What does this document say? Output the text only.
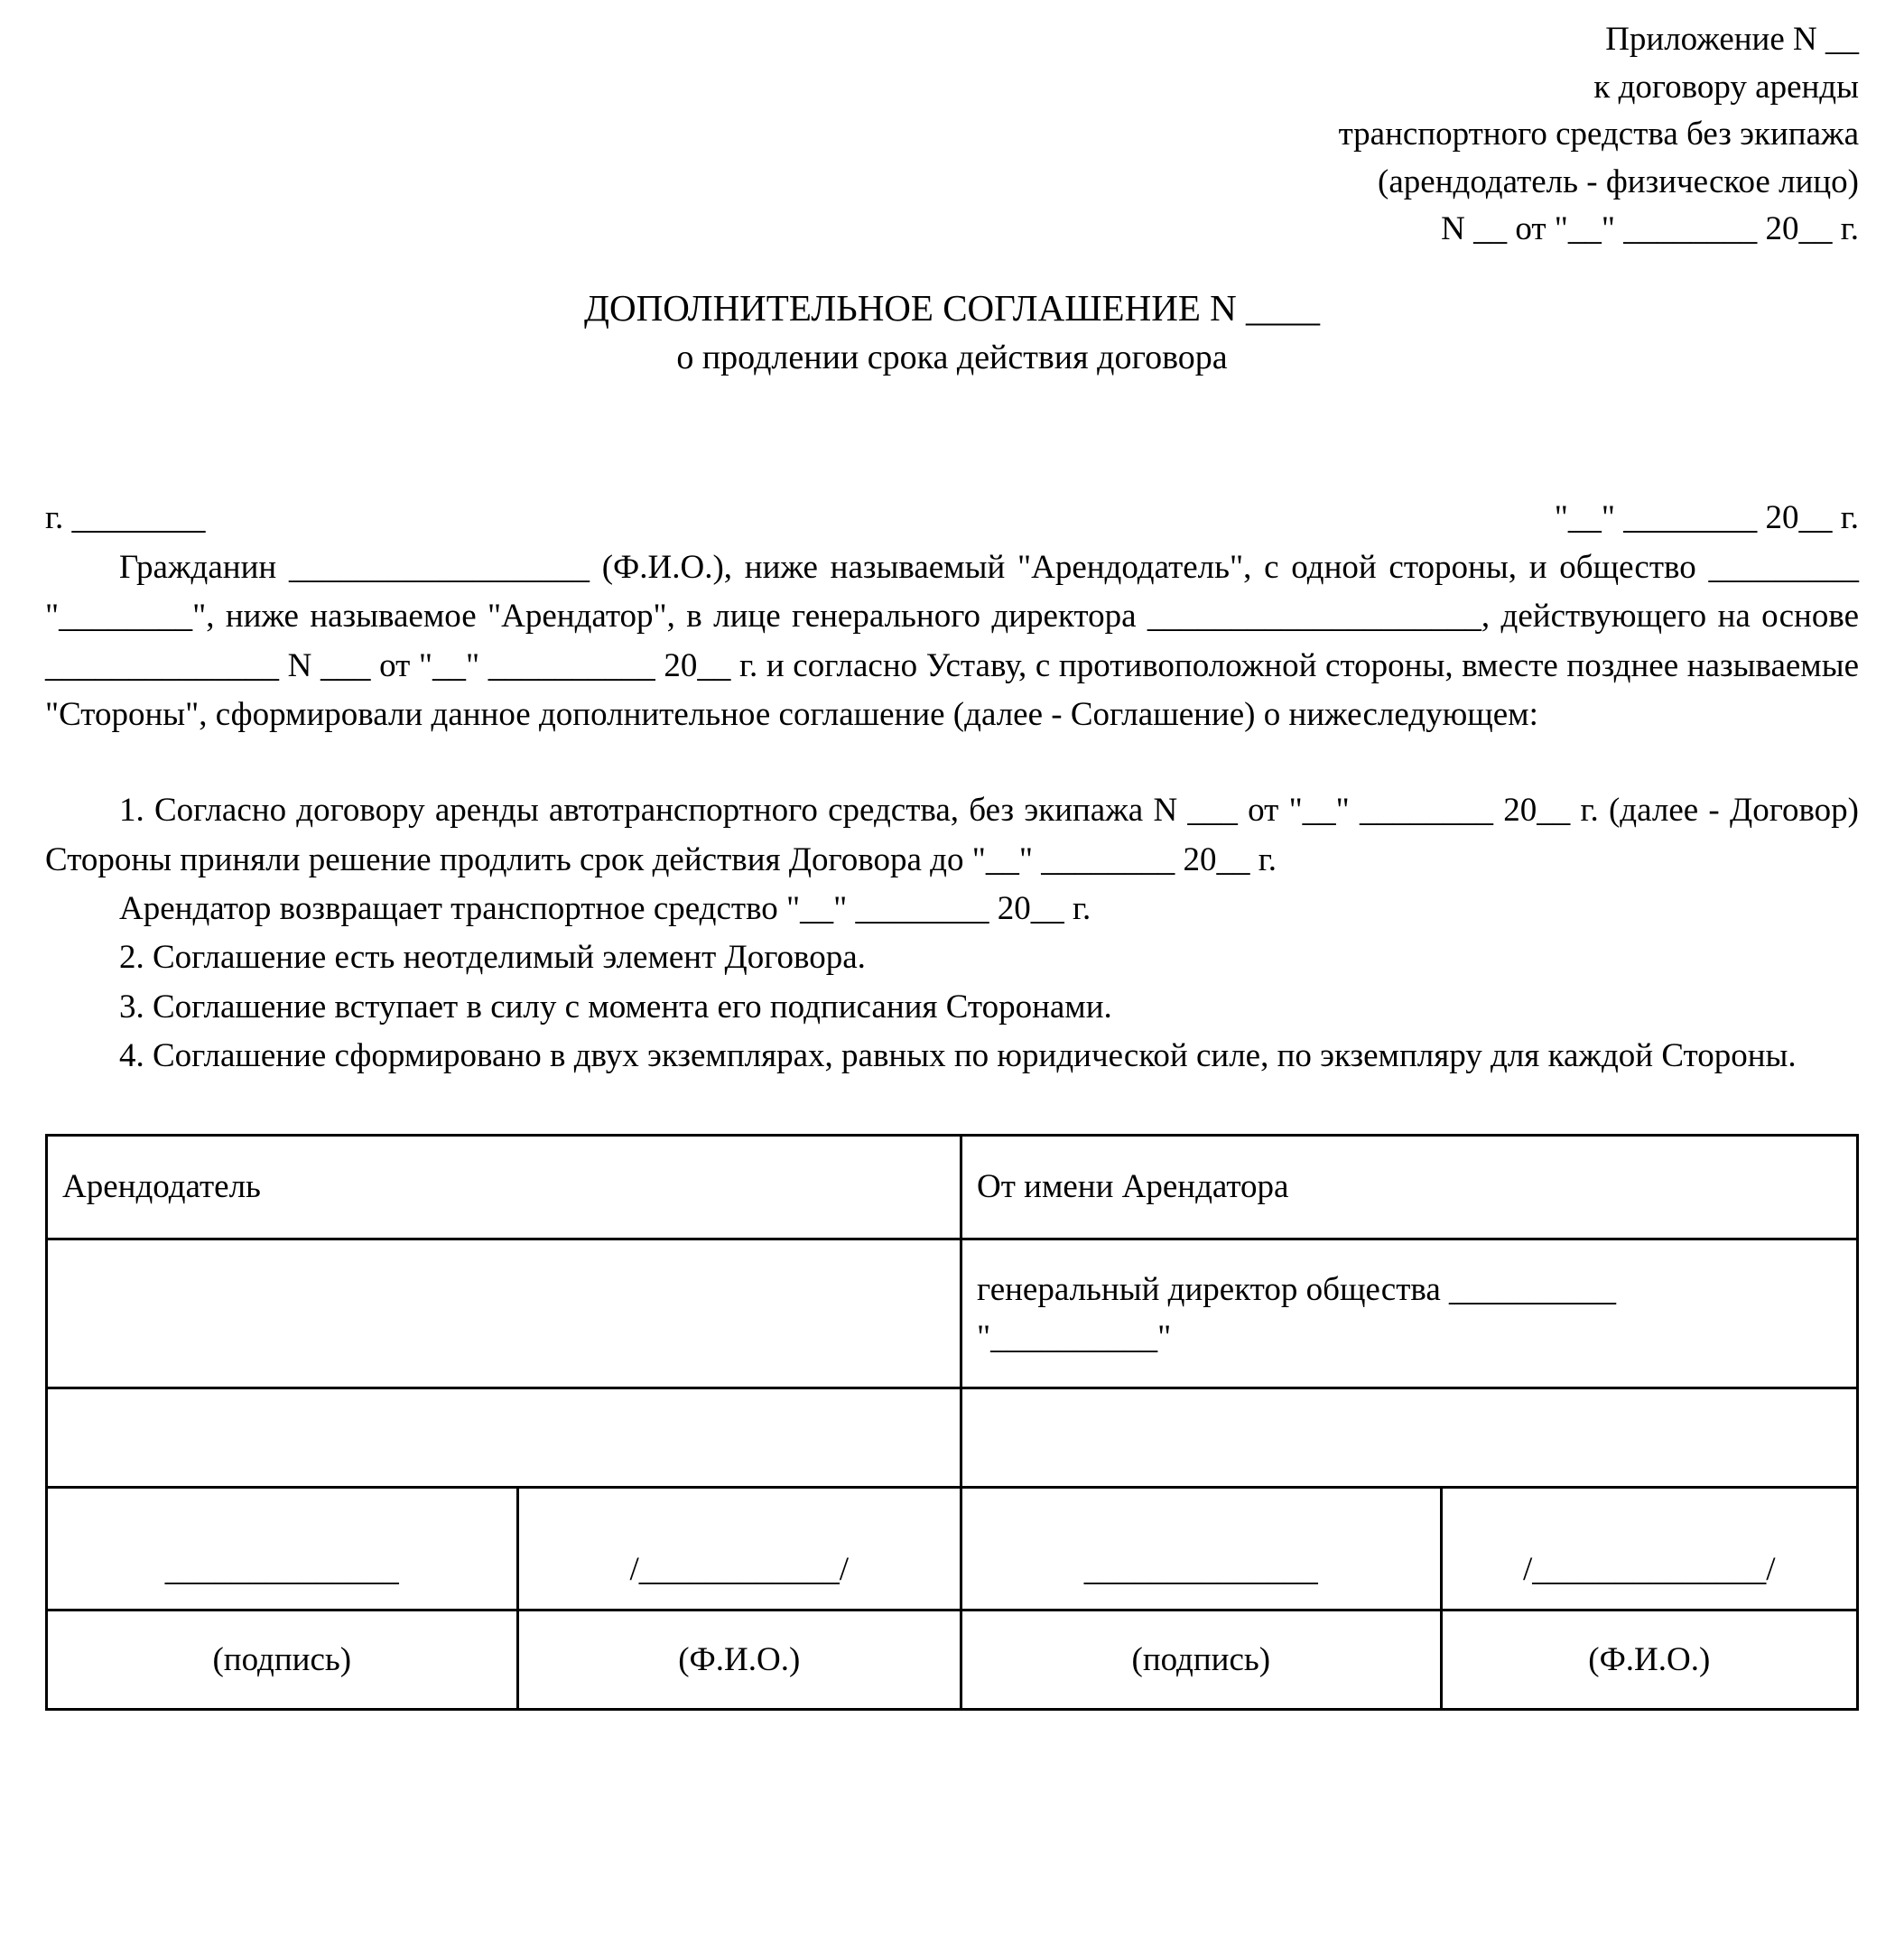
Приложение N __
к договору аренды
транспортного средства без экипажа
(арендодатель - физическое лицо)
N __ от "__" ________ 20__ г.
ДОПОЛНИТЕЛЬНОЕ СОГЛАШЕНИЕ N ____
о продлении срока действия договора
г. ________	"__" ________ 20__ г.

Гражданин __________________ (Ф.И.О.), ниже называемый "Арендодатель", с одной стороны, и общество _________ "________", ниже называемое "Арендатор", в лице генерального директора ____________________, действующего на основе ______________ N ___ от "__" __________ 20__ г. и согласно Уставу, с противоположной стороны, вместе позднее называемые "Стороны", сформировали данное дополнительное соглашение (далее - Соглашение) о нижеследующем:

1. Согласно договору аренды автотранспортного средства, без экипажа N ___ от "__" ________ 20__ г. (далее - Договор) Стороны приняли решение продлить срок действия Договора до "__" ________ 20__ г.

Арендатор возвращает транспортное средство "__" ________ 20__ г.

2. Соглашение есть неотделимый элемент Договора.

3. Соглашение вступает в силу с момента его подписания Сторонами.

4. Соглашение сформировано в двух экземплярах, равных по юридической силе, по экземпляру для каждой Стороны.

Арендодатель		От имени Арендатора	

		генеральный директор общества __________
"__________"	

______________	/____________/	______________	/______________/
(подпись)	(Ф.И.О.)	(подпись)	(Ф.И.О.)
